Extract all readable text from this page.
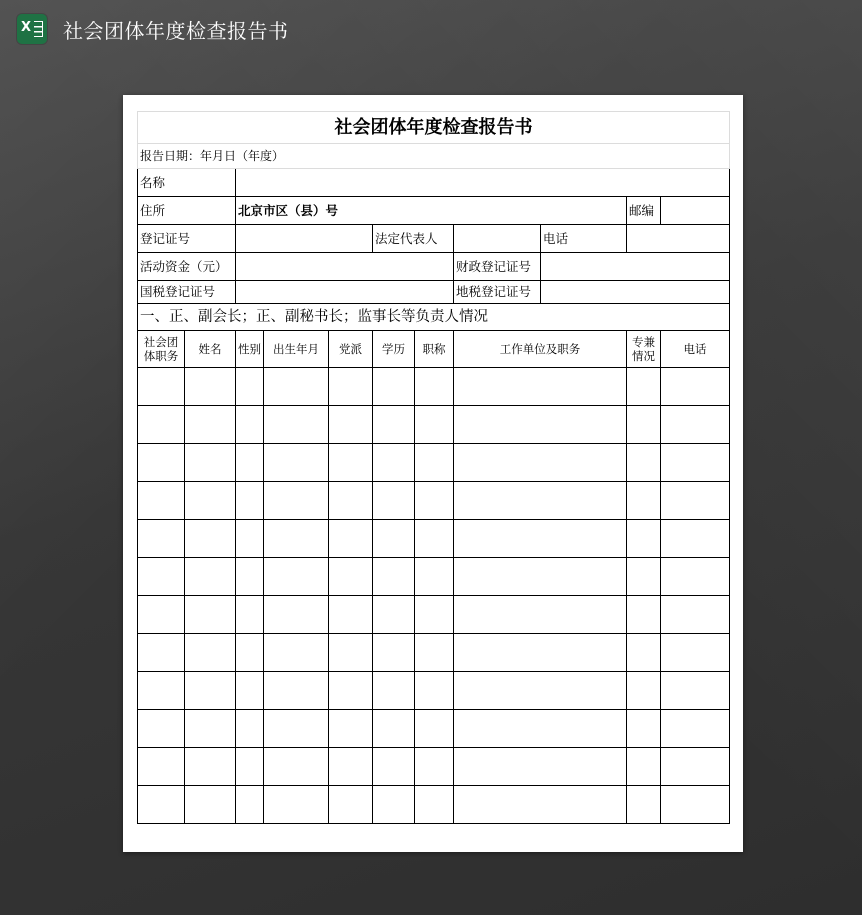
X 社会团体年度检查报告书
社会团体年度检查报告书										
报告日期：年月日（年度）										
名称										
住所		北京市区（县）号							邮编	
登记证号					法定代表人			电话		
活动资金（元）							财政登记证号			
国税登记证号							地税登记证号			
一、正、副会长；正、副秘书长；监事长等负责人情况										
社会团体职务	姓名	性别	出生年月	党派	学历	职称	工作单位及职务		专兼情况	电话
